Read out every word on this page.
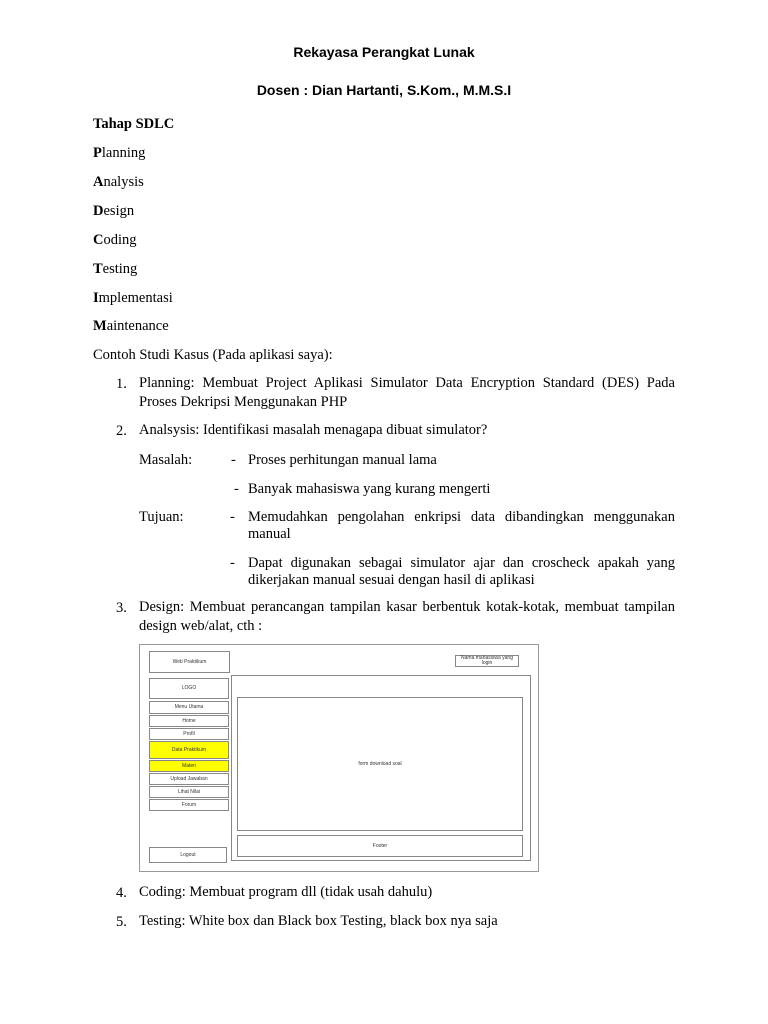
Rekayasa Perangkat Lunak
Dosen : Dian Hartanti, S.Kom., M.M.S.I
Tahap SDLC
Planning
Analysis
Design
Coding
Testing
Implementasi
Maintenance
Contoh Studi Kasus (Pada aplikasi saya):
1. Planning: Membuat Project Aplikasi Simulator Data Encryption Standard (DES) Pada Proses Dekripsi Menggunakan PHP
2. Analsysis: Identifikasi masalah menagapa dibuat simulator?
Masalah:	- Proses perhitungan manual lama
- Banyak mahasiswa yang kurang mengerti
Tujuan:	- Memudahkan pengolahan enkripsi data dibandingkan menggunakan manual
- Dapat digunakan sebagai simulator ajar dan croscheck apakah yang dikerjakan manual sesuai dengan hasil di aplikasi
3. Design: Membuat perancangan tampilan kasar berbentuk kotak-kotak, membuat tampilan design web/alat, cth :
Web Praktikum
Nama mahasiswa yang login
LOGO
Menu Utama
Home
Profil
Data Praktikum
Materi
Upload Jawaban
Lihat Nilai
Forum
form download soal
Footer
Logout
4. Coding: Membuat program dll (tidak usah dahulu)
5. Testing: White box dan Black box Testing, black box nya saja
